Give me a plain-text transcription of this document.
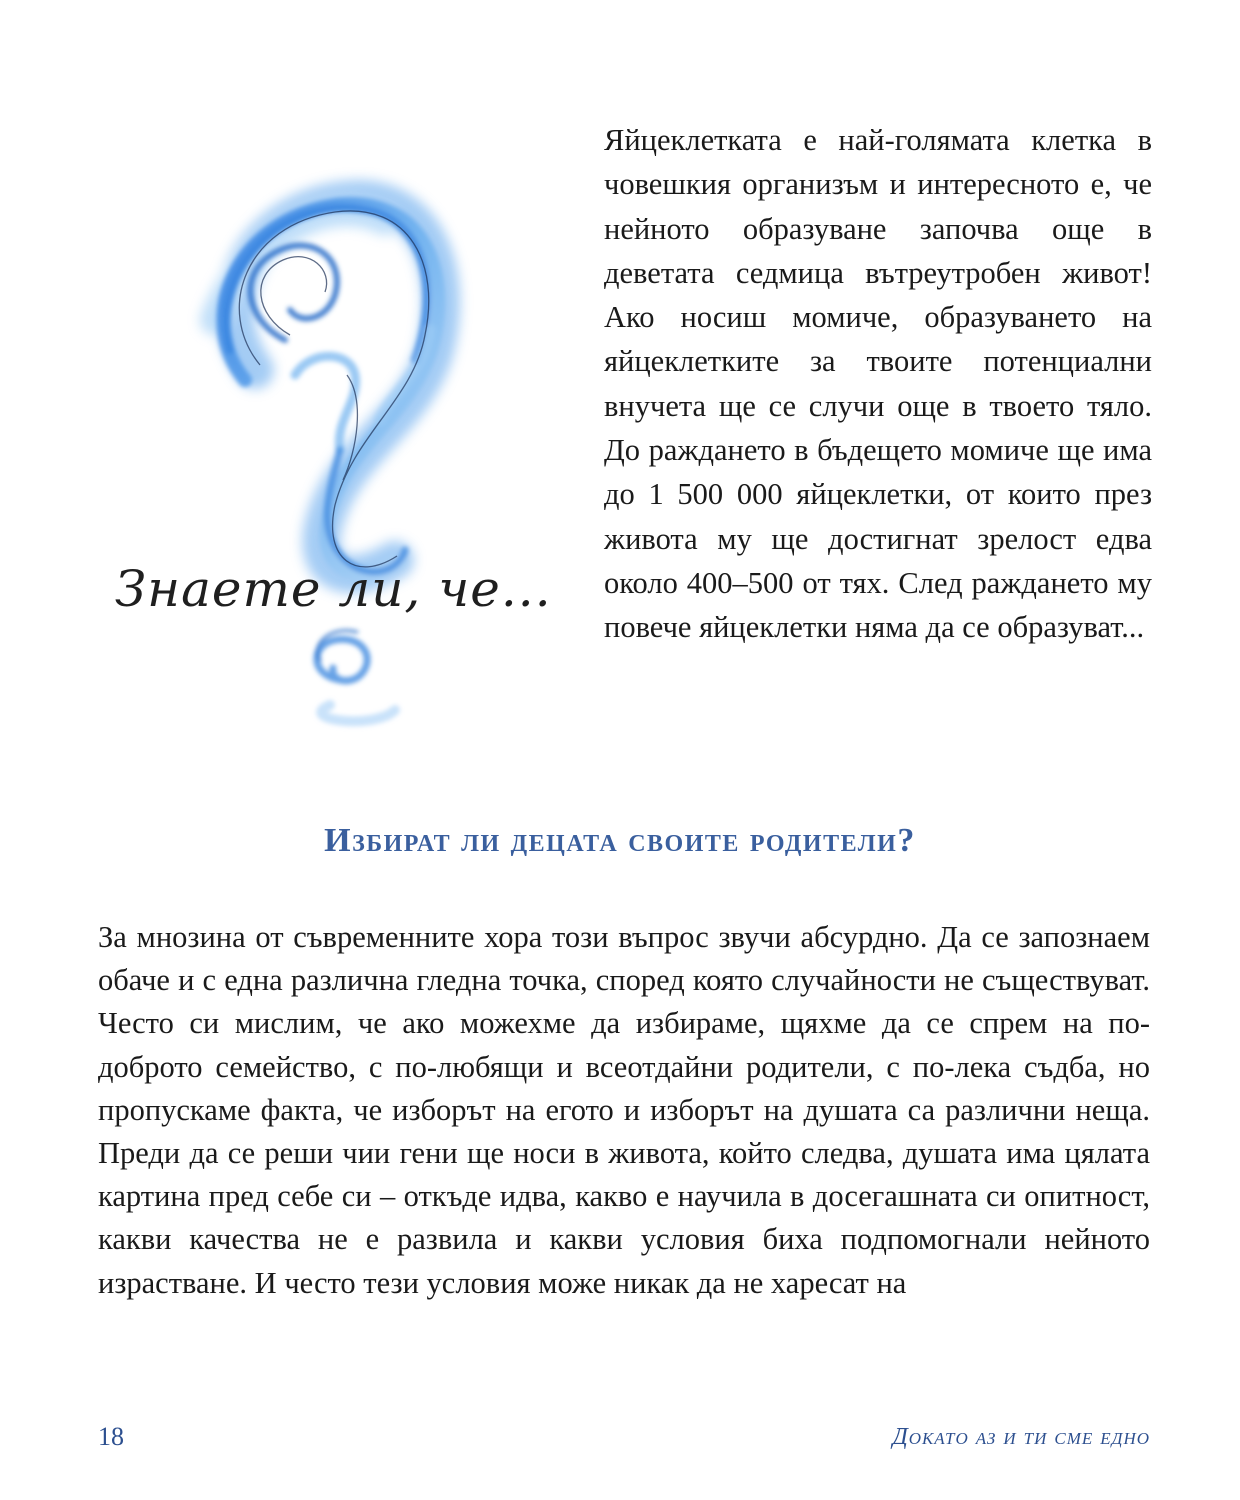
Знаете ли, че...

Яйцеклетката е най-голямата клетка в човешкия организъм и интересното е, че нейното образуване започва още в деветата седмица вътреутробен живот! Ако носиш момиче, образуването на яйцеклетките за твоите потенциални внучета ще се случи още в твоето тяло. До раждането в бъдещето момиче ще има до 1 500 000 яйцеклетки, от които през живота му ще достигнат зрелост едва около 400–500 от тях. След раждането му повече яйцеклетки няма да се образуват...

Избират ли децата своите родители?

За мнозина от съвременните хора този въпрос звучи абсурдно. Да се запознаем обаче и с една различна гледна точка, според която случайности не съществуват. Често си мислим, че ако можехме да избираме, щяхме да се спрем на по-доброто семейство, с по-любящи и всеотдайни родители, с по-лека съдба, но пропускаме факта, че изборът на егото и изборът на душата са различни неща. Преди да се реши чии гени ще носи в живота, който следва, душата има цялата картина пред себе си – откъде идва, какво е научила в досегашната си опитност, какви качества не е развила и какви условия биха подпомогнали нейното израстване. И често тези условия може никак да не харесат на

18	Докато аз и ти сме едно
